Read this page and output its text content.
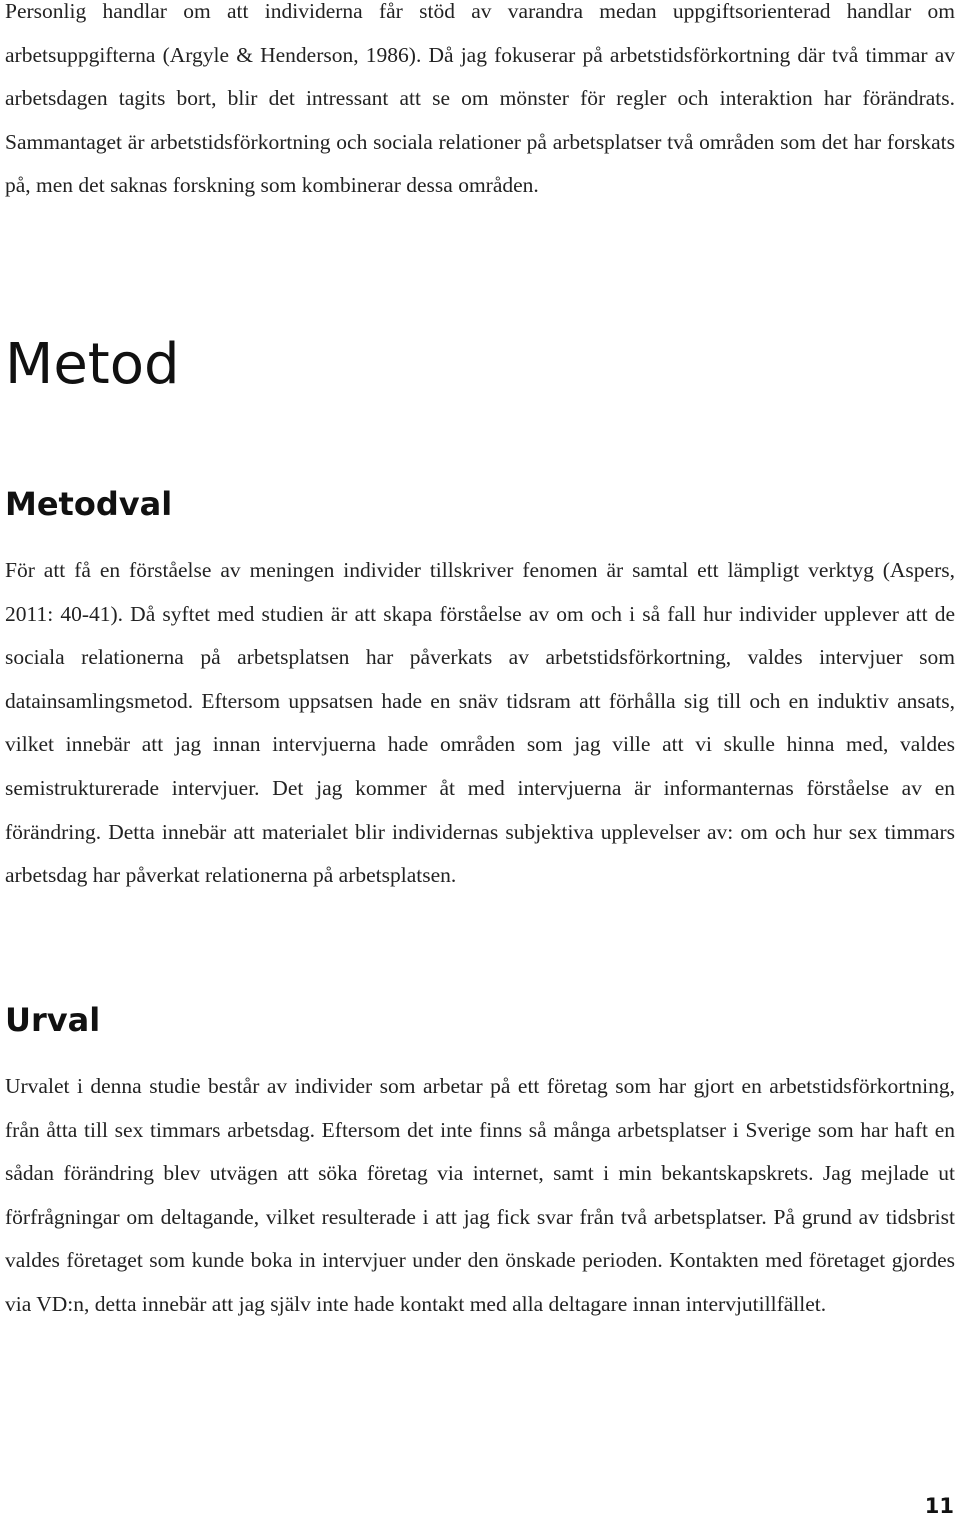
Personlig handlar om att individerna får stöd av varandra medan uppgiftsorienterad handlar om arbetsuppgifterna (Argyle & Henderson, 1986). Då jag fokuserar på arbetstidsförkortning där två timmar av arbetsdagen tagits bort, blir det intressant att se om mönster för regler och interaktion har förändrats. Sammantaget är arbetstidsförkortning och sociala relationer på arbetsplatser två områden som det har forskats på, men det saknas forskning som kombinerar dessa områden.

Metod
Metodval

För att få en förståelse av meningen individer tillskriver fenomen är samtal ett lämpligt verktyg (Aspers, 2011: 40-41). Då syftet med studien är att skapa förståelse av om och i så fall hur individer upplever att de sociala relationerna på arbetsplatsen har påverkats av arbetstidsförkortning, valdes intervjuer som datainsamlingsmetod. Eftersom uppsatsen hade en snäv tidsram att förhålla sig till och en induktiv ansats, vilket innebär att jag innan intervjuerna hade områden som jag ville att vi skulle hinna med, valdes semistrukturerade intervjuer. Det jag kommer åt med intervjuerna är informanternas förståelse av en förändring. Detta innebär att materialet blir individernas subjektiva upplevelser av: om och hur sex timmars arbetsdag har påverkat relationerna på arbetsplatsen.

Urval

Urvalet i denna studie består av individer som arbetar på ett företag som har gjort en arbetstidsförkortning, från åtta till sex timmars arbetsdag. Eftersom det inte finns så många arbetsplatser i Sverige som har haft en sådan förändring blev utvägen att söka företag via internet, samt i min bekantskapskrets. Jag mejlade ut förfrågningar om deltagande, vilket resulterade i att jag fick svar från två arbetsplatser. På grund av tidsbrist valdes företaget som kunde boka in intervjuer under den önskade perioden. Kontakten med företaget gjordes via VD:n, detta innebär att jag själv inte hade kontakt med alla deltagare innan intervjutillfället.

11
